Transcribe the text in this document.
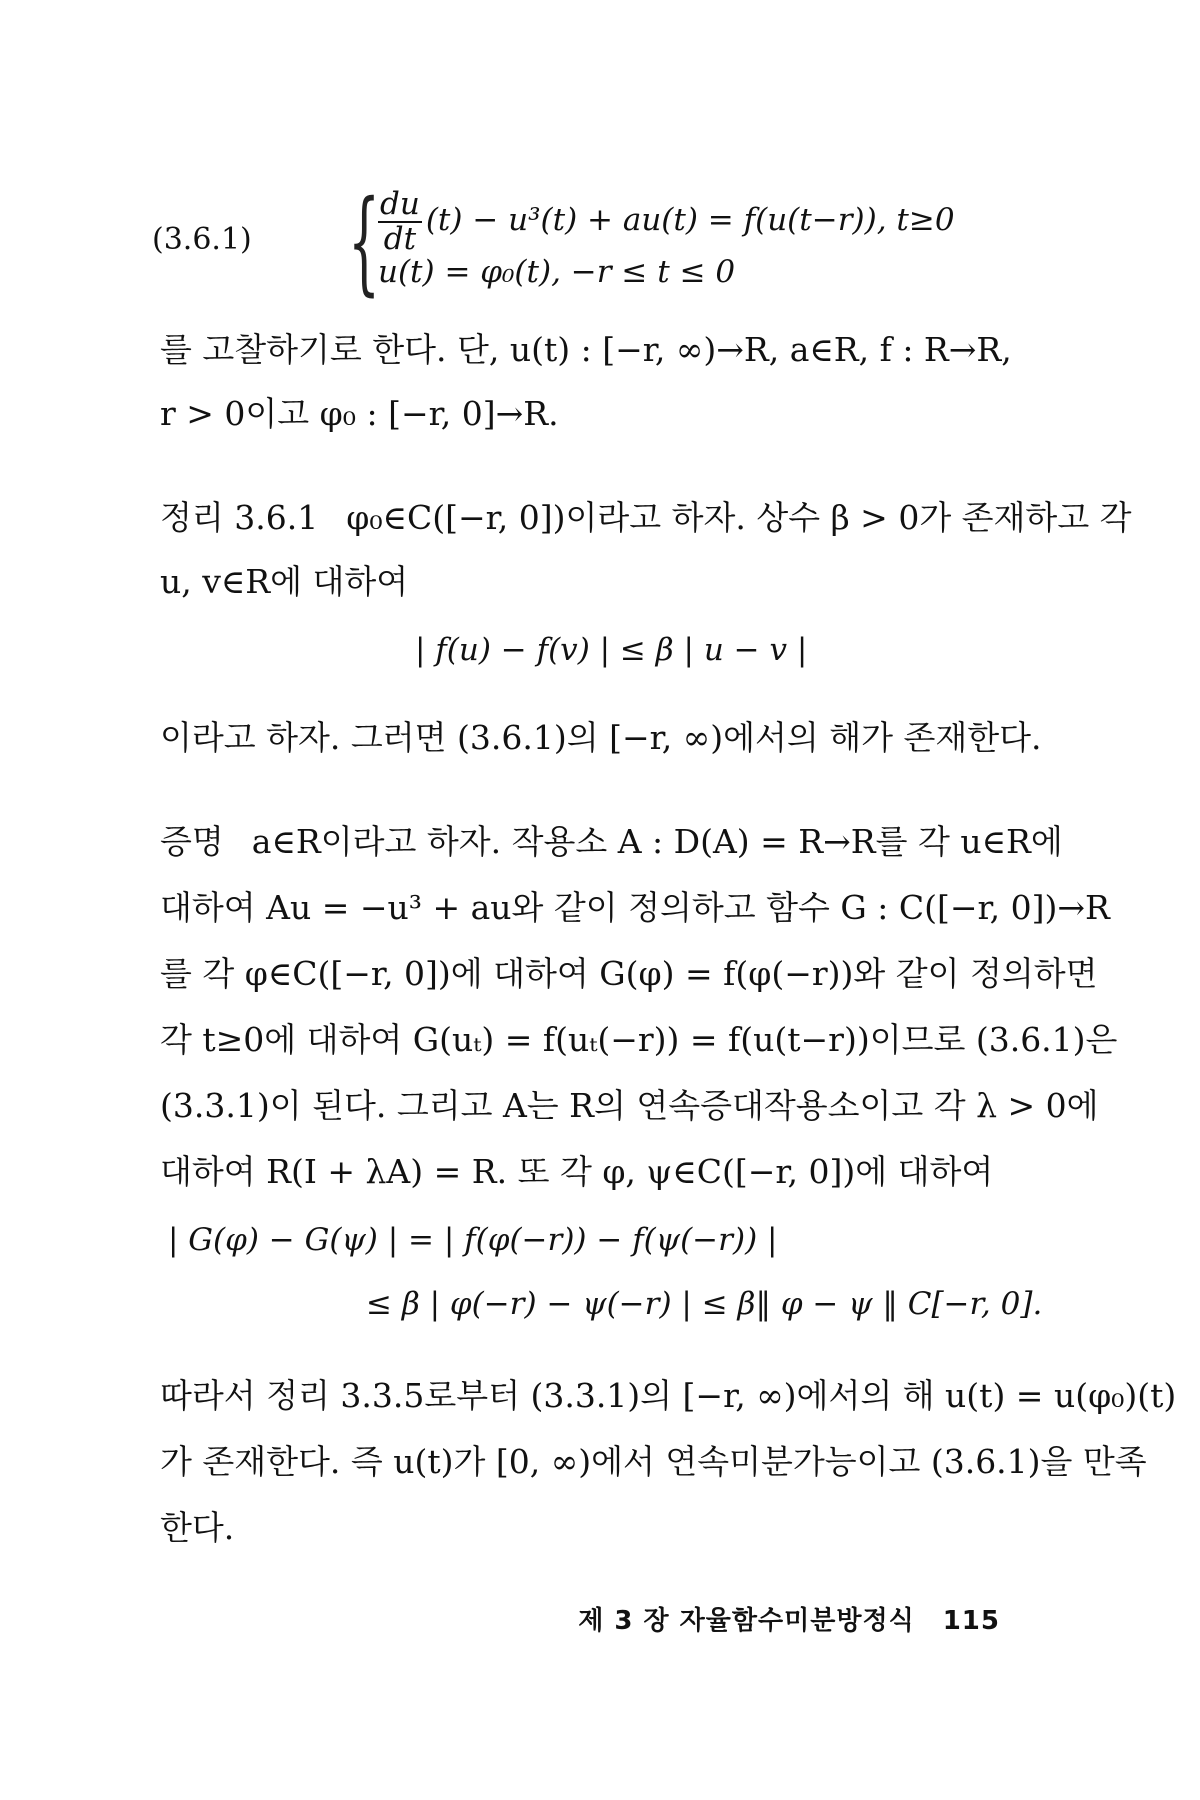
(3.6.1) {
$\frac{du}{dt} (t) - u^3(t) + au(t) = f(u(t-r))$, t≥0
u(t) = φ₀(t), −r ≤ t ≤ 0
를 고찰하기로 한다. 단, u(t) : [−r, ∞)→R, a∈R, f : R→R,
r > 0이고 φ₀ : [−r, 0]→R.
정리 3.6.1 φ₀∈C([−r, 0])이라고 하자. 상수 β > 0가 존재하고 각
u, v∈R에 대하여
| f(u) − f(v) | ≤ β | u − v |
이라고 하자. 그러면 (3.6.1)의 [−r, ∞)에서의 해가 존재한다.
증명 a∈R이라고 하자. 작용소 A : D(A) = R→R를 각 u∈R에
대하여 Au = −u³ + au와 같이 정의하고 함수 G : C([−r, 0])→R
를 각 φ∈C([−r, 0])에 대하여 G(φ) = f(φ(−r))와 같이 정의하면
각 t≥0에 대하여 G(uₜ) = f(uₜ(−r)) = f(u(t−r))이므로 (3.6.1)은
(3.3.1)이 된다. 그리고 A는 R의 연속증대작용소이고 각 λ > 0에
대하여 R(I + λA) = R. 또 각 φ, ψ∈C([−r, 0])에 대하여
| G(φ) − G(ψ) | = | f(φ(−r)) − f(ψ(−r)) |
≤ β | φ(−r) − ψ(−r) | ≤ β‖ φ − ψ ‖ C[−r, 0].
따라서 정리 3.3.5로부터 (3.3.1)의 [−r, ∞)에서의 해 u(t) = u(φ₀)(t)
가 존재한다. 즉 u(t)가 [0, ∞)에서 연속미분가능이고 (3.6.1)을 만족
한다.
제 3 장 자율함수미분방정식 115
